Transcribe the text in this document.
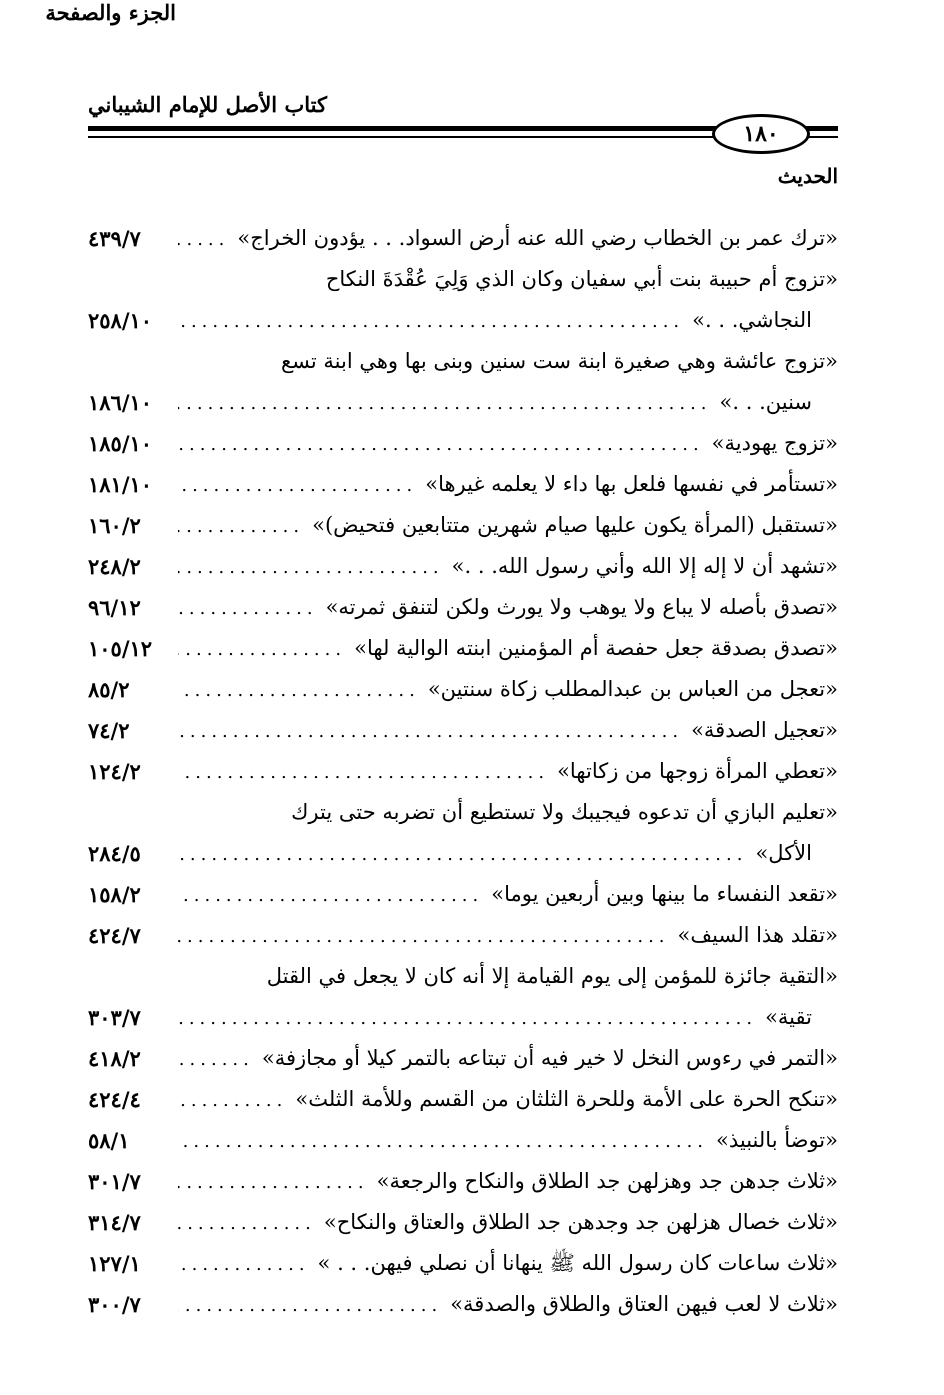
كتاب الأصل للإمام الشيباني
١٨٠
الحديث
الجزء والصفحة
٤٣٩/٧	«ترك عمر بن الخطاب رضي الله عنه أرض السواد. . . يؤدون الخراج»
.....
«تزوج أم حبيبة بنت أبي سفيان وكان الذي وَلِيَ عُقْدَةَ النكاح
٢٥٨/١٠	النجاشي. . .»
.....
«تزوج عائشة وهي صغيرة ابنة ست سنين وبنى بها وهي ابنة تسع
١٨٦/١٠	سنين. . .»
.....
١٨٥/١٠	«تزوج يهودية»
.....
١٨١/١٠	«تستأمر في نفسها فلعل بها داء لا يعلمه غيرها»
.....
١٦٠/٢	«تستقبل (المرأة يكون عليها صيام شهرين متتابعين فتحيض)»
.....
٢٤٨/٢	«تشهد أن لا إله إلا الله وأني رسول الله. . .»
.....
٩٦/١٢	«تصدق بأصله لا يباع ولا يوهب ولا يورث ولكن لتنفق ثمرته»
.....
١٠٥/١٢	«تصدق بصدقة جعل حفصة أم المؤمنين ابنته الوالية لها»
.....
٨٥/٢	«تعجل من العباس بن عبدالمطلب زكاة سنتين»
.....
٧٤/٢	«تعجيل الصدقة»
.....
١٢٤/٢	«تعطي المرأة زوجها من زكاتها»
.....
«تعليم البازي أن تدعوه فيجيبك ولا تستطيع أن تضربه حتى يترك
٢٨٤/٥	الأكل»
.....
١٥٨/٢	«تقعد النفساء ما بينها وبين أربعين يوما»
.....
٤٢٤/٧	«تقلد هذا السيف»
.....
«التقية جائزة للمؤمن إلى يوم القيامة إلا أنه كان لا يجعل في القتل
٣٠٣/٧	تقية»
.....
٤١٨/٢	«التمر في رءوس النخل لا خير فيه أن تبتاعه بالتمر كيلا أو مجازفة»
.....
٤٢٤/٤	«تنكح الحرة على الأمة وللحرة الثلثان من القسم وللأمة الثلث»
.....
٥٨/١	«توضأ بالنبيذ»
.....
٣٠١/٧	«ثلاث جدهن جد وهزلهن جد الطلاق والنكاح والرجعة»
.....
٣١٤/٧	«ثلاث خصال هزلهن جد وجدهن جد الطلاق والعتاق والنكاح»
.....
١٢٧/١	«ثلاث ساعات كان رسول الله ﷺ ينهانا أن نصلي فيهن. . . »
.....
٣٠٠/٧	«ثلاث لا لعب فيهن العتاق والطلاق والصدقة»
.....
